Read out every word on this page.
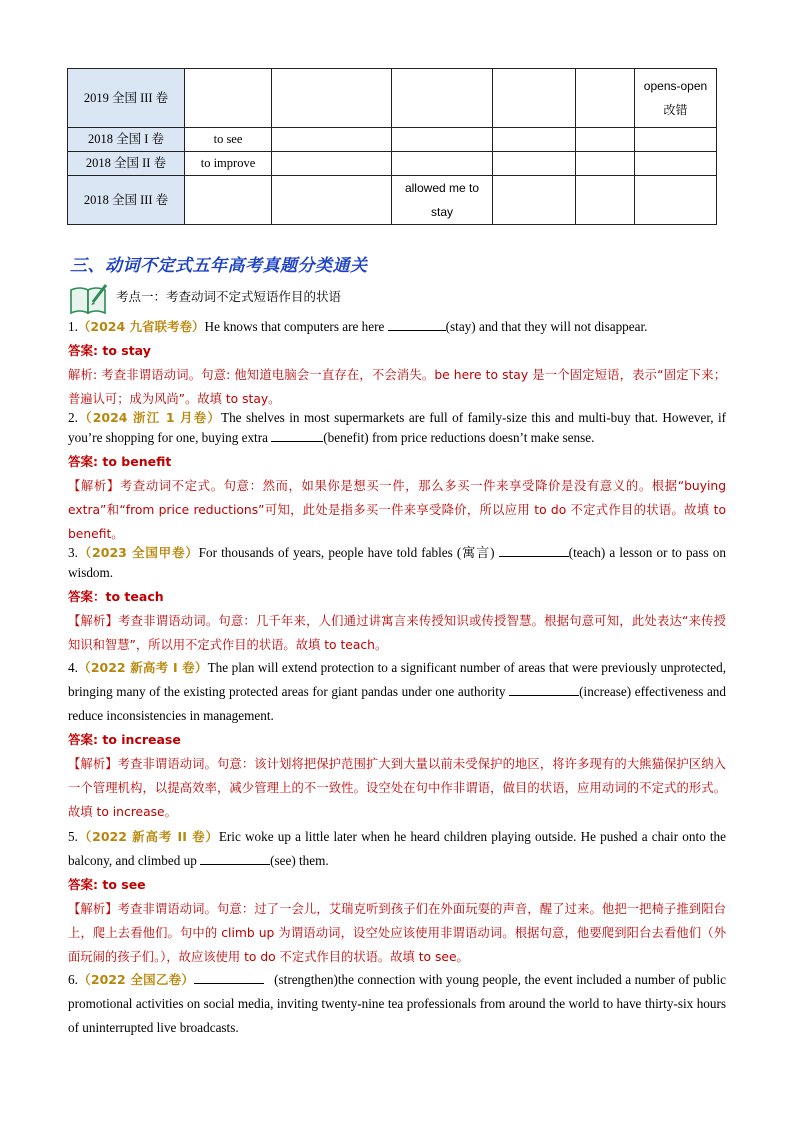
2019 全国 III 卷						opens-open 改错
2018 全国 I 卷	to see					
2018 全国 II 卷	to improve					
2018 全国 III 卷			allowed me to stay			
三、动词不定式五年高考真题分类通关
考点一：考查动词不定式短语作目的状语
1.（2024 九省联考卷）He knows that computers are here	(stay) and that they will not disappear.
答案: to stay
解析: 考查非谓语动词。句意: 他知道电脑会一直存在，不会消失。be here to stay 是一个固定短语，表示“固定下来；普遍认可；成为风尚”。故填 to stay。
2.（2024 浙江 1 月卷）The shelves in most supermarkets are full of family-size this and multi-buy that. However, if you’re shopping for one, buying extra	(benefit) from price reductions doesn’t make sense.
答案: to benefit
【解析】考查动词不定式。句意：然而，如果你是想买一件，那么多买一件来享受降价是没有意义的。根据“buying extra”和“from price reductions”可知，此处是指多买一件来享受降价，所以应用 to do 不定式作目的状语。故填 to benefit。
3.（2023 全国甲卷）For thousands of years, people have told fables (寓言)	(teach) a lesson or to pass on wisdom.
答案：to teach
【解析】考查非谓语动词。句意：几千年来，人们通过讲寓言来传授知识或传授智慧。根据句意可知，此处表达“来传授知识和智慧”，所以用不定式作目的状语。故填 to teach。
4.（2022 新高考 I 卷）The plan will extend protection to a significant number of areas that were previously unprotected, bringing many of the existing protected areas for giant pandas under one authority	(increase) effectiveness and reduce inconsistencies in management.
答案: to increase
【解析】考查非谓语动词。句意：该计划将把保护范围扩大到大量以前未受保护的地区，将许多现有的大熊猫保护区纳入一个管理机构，以提高效率，减少管理上的不一致性。设空处在句中作非谓语，做目的状语，应用动词的不定式的形式。故填 to increase。
5.（2022 新高考 II 卷）Eric woke up a little later when he heard children playing outside. He pushed a chair onto the balcony, and climbed up	(see) them.
答案: to see
【解析】考查非谓语动词。句意：过了一会儿，艾瑞克听到孩子们在外面玩耍的声音，醒了过来。他把一把椅子推到阳台上，爬上去看他们。句中的 climb up 为谓语动词，设空处应该使用非谓语动词。根据句意，他要爬到阳台去看他们（外面玩闹的孩子们。），故应该使用 to do 不定式作目的状语。故填 to see。
6.（2022 全国乙卷）	(strengthen)the connection with young people, the event included a number of public promotional activities on social media, inviting twenty-nine tea professionals from around the world to have thirty-six hours of uninterrupted live broadcasts.
